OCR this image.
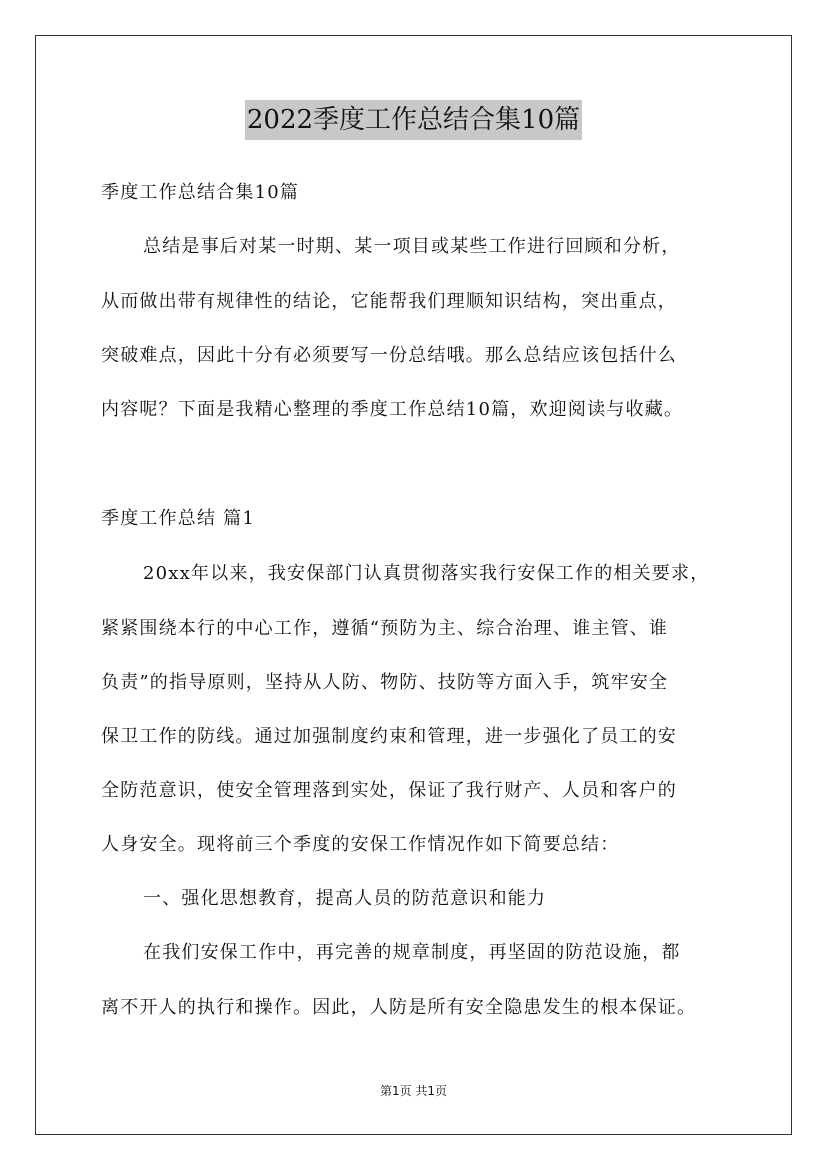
2022季度工作总结合集10篇
季度工作总结合集10篇
总结是事后对某一时期、某一项目或某些工作进行回顾和分析，
从而做出带有规律性的结论，它能帮我们理顺知识结构，突出重点，
突破难点，因此十分有必须要写一份总结哦。那么总结应该包括什么
内容呢？下面是我精心整理的季度工作总结10篇，欢迎阅读与收藏。
季度工作总结 篇1
20xx年以来，我安保部门认真贯彻落实我行安保工作的相关要求，
紧紧围绕本行的中心工作，遵循“预防为主、综合治理、谁主管、谁
负责”的指导原则，坚持从人防、物防、技防等方面入手，筑牢安全
保卫工作的防线。通过加强制度约束和管理，进一步强化了员工的安
全防范意识，使安全管理落到实处，保证了我行财产、人员和客户的
人身安全。现将前三个季度的安保工作情况作如下简要总结：
一、强化思想教育，提高人员的防范意识和能力
在我们安保工作中，再完善的规章制度，再坚固的防范设施，都
离不开人的执行和操作。因此，人防是所有安全隐患发生的根本保证。
第1页 共1页
